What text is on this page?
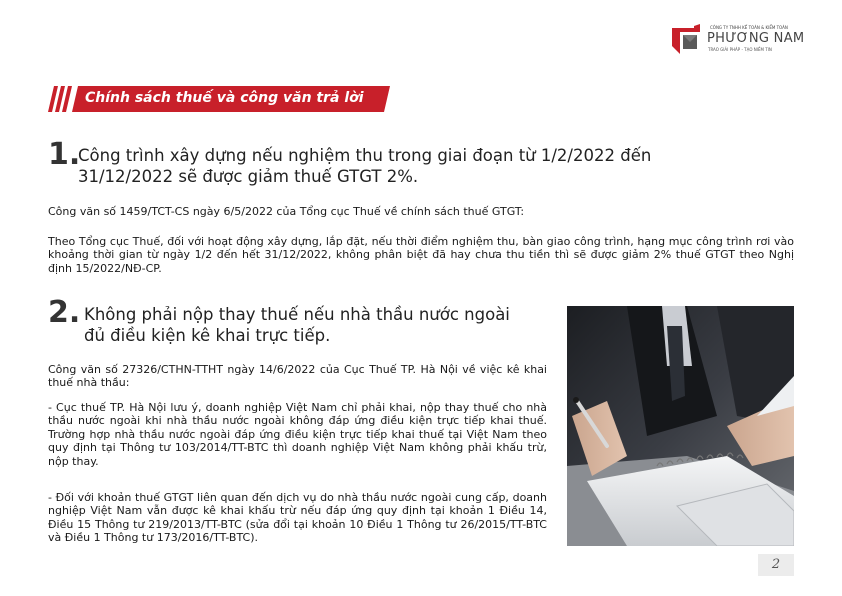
CÔNG TY TNHH KẾ TOÁN & KIỂM TOÁN
PHƯƠNG NAM
TRAO GIẢI PHÁP - TẠO NIỀM TIN
Chính sách thuế và công văn trả lời
1.
Công trình xây dựng nếu nghiệm thu trong giai đoạn từ 1/2/2022 đến
31/12/2022 sẽ được giảm thuế GTGT 2%.

Công văn số 1459/TCT-CS ngày 6/5/2022 của Tổng cục Thuế về chính sách thuế GTGT:

Theo Tổng cục Thuế, đối với hoạt động xây dựng, lắp đặt, nếu thời điểm nghiệm thu, bàn giao công trình, hạng mục công trình rơi vào khoảng thời gian từ ngày 1/2 đến hết 31/12/2022, không phân biệt đã hay chưa thu tiền thì sẽ được giảm 2% thuế GTGT theo Nghị định 15/2022/NĐ-CP.

2. Không phải nộp thay thuế nếu nhà thầu nước ngoài
đủ điều kiện kê khai trực tiếp.

Công văn số 27326/CTHN-TTHT ngày 14/6/2022 của Cục Thuế TP. Hà Nội về việc kê khai thuế nhà thầu:

- Cục thuế TP. Hà Nội lưu ý, doanh nghiệp Việt Nam chỉ phải khai, nộp thay thuế cho nhà thầu nước ngoài khi nhà thầu nước ngoài không đáp ứng điều kiện trực tiếp khai thuế. Trường hợp nhà thầu nước ngoài đáp ứng điều kiện trực tiếp khai thuế tại Việt Nam theo quy định tại Thông tư 103/2014/TT-BTC thì doanh nghiệp Việt Nam không phải khấu trừ, nộp thay.

- Đối với khoản thuế GTGT liên quan đến dịch vụ do nhà thầu nước ngoài cung cấp, doanh nghiệp Việt Nam vẫn được kê khai khấu trừ nếu đáp ứng quy định tại khoản 1 Điều 14, Điều 15 Thông tư 219/2013/TT-BTC (sửa đổi tại khoản 10 Điều 1 Thông tư 26/2015/TT-BTC và Điều 1 Thông tư 173/2016/TT-BTC).

2
